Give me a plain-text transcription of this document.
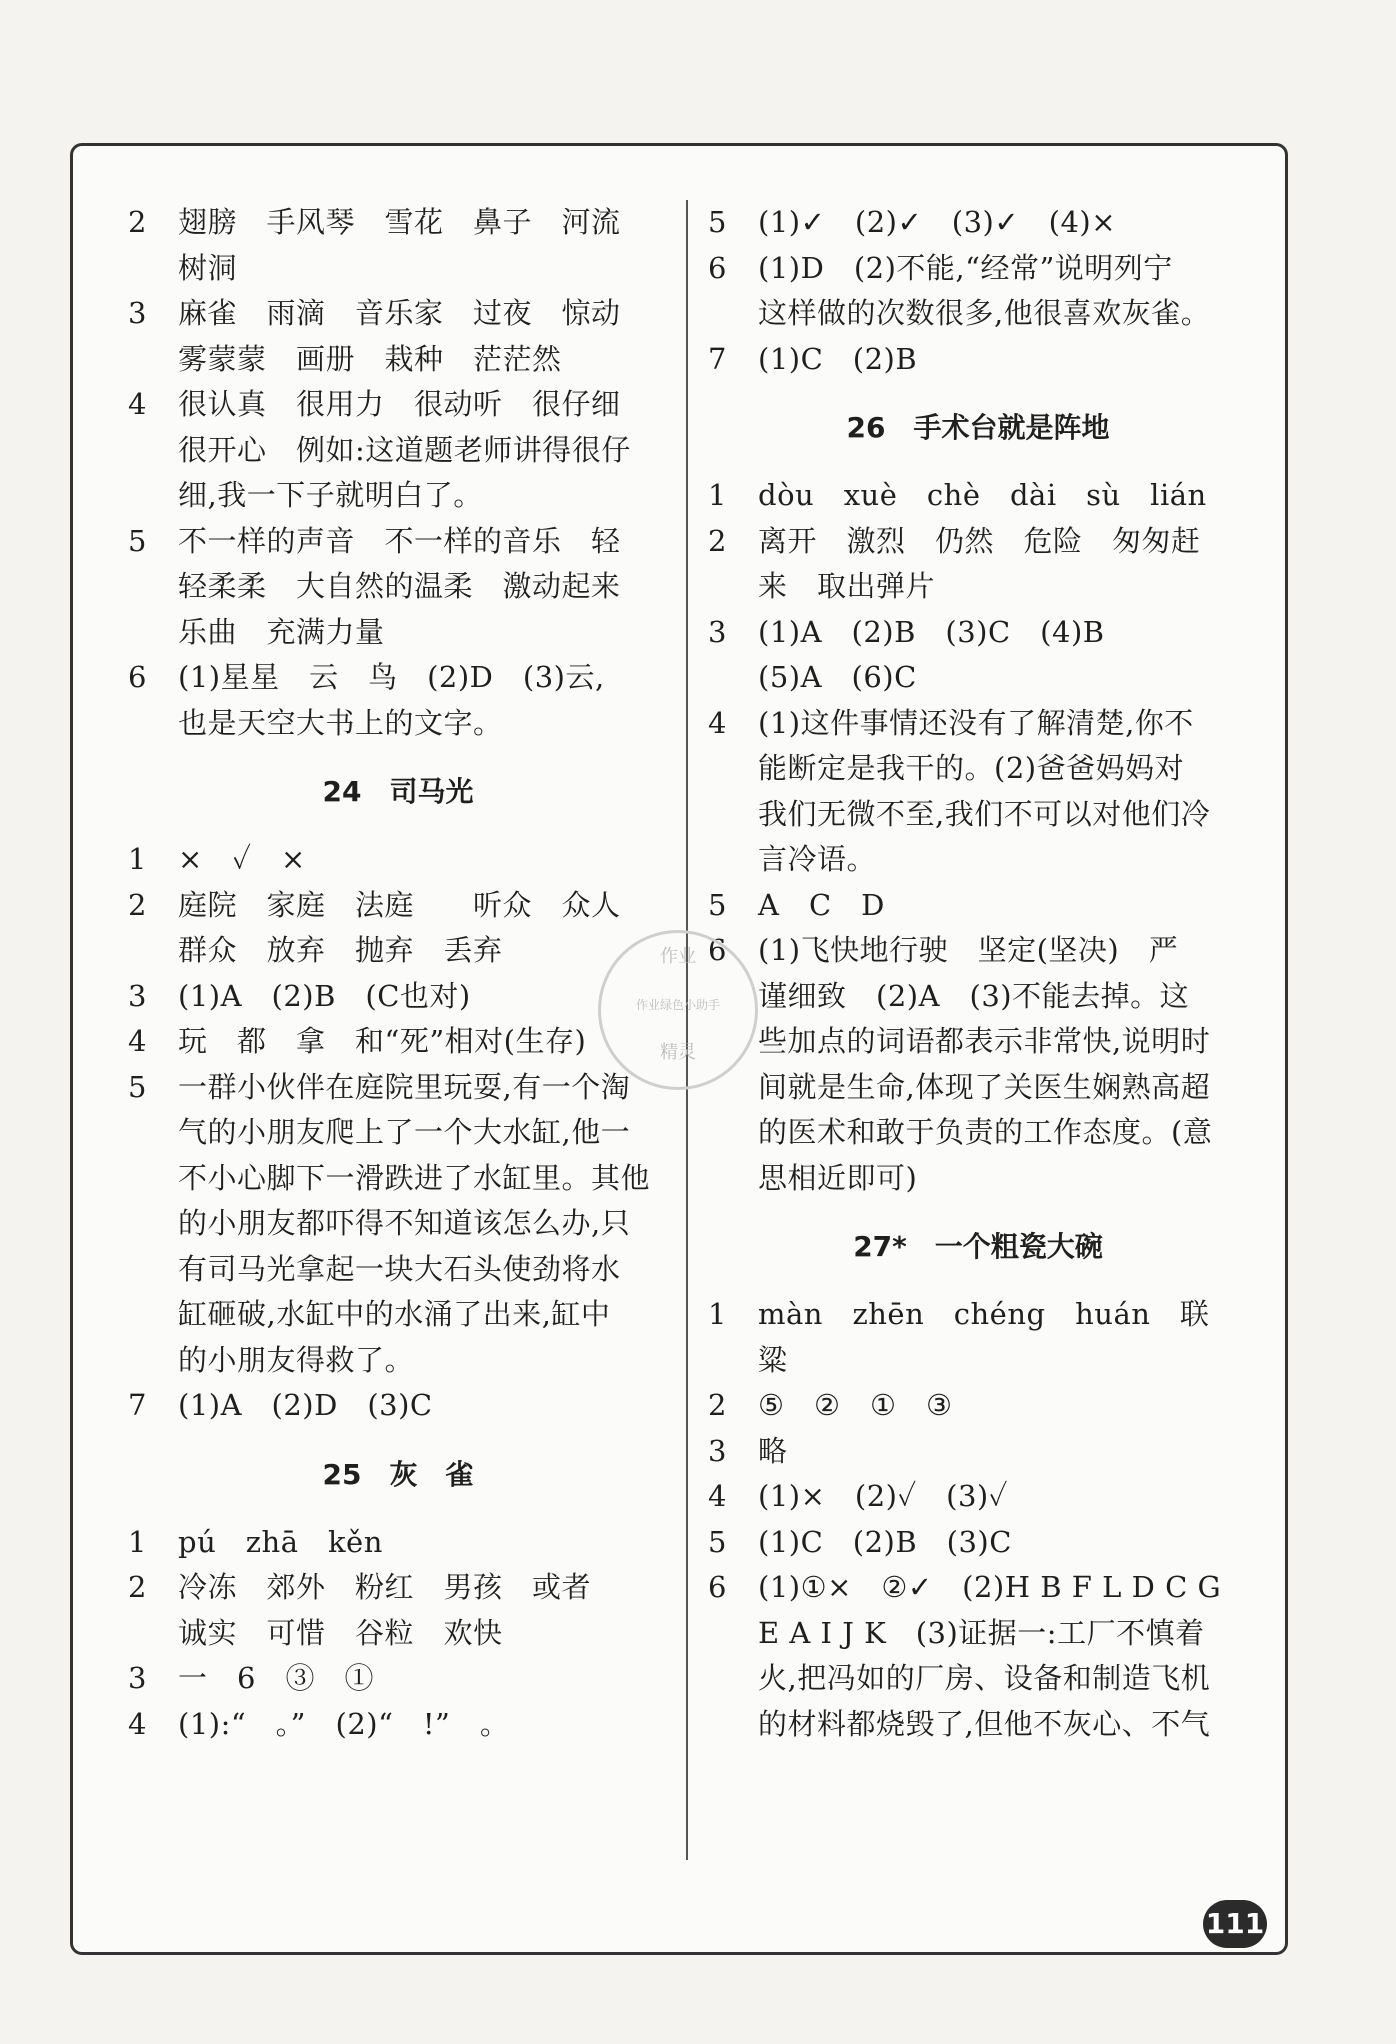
2	翅膀　手风琴　雪花　鼻子　河流
树洞
3	麻雀　雨滴　音乐家　过夜　惊动
雾蒙蒙　画册　栽种　茫茫然
4	很认真　很用力　很动听　很仔细
很开心　例如:这道题老师讲得很仔
细,我一下子就明白了。
5	不一样的声音　不一样的音乐　轻
轻柔柔　大自然的温柔　激动起来
乐曲　充满力量
6	(1)星星　云　鸟　(2)D　(3)云,
也是天空大书上的文字。
24　司马光
1	×　✓　×
2	庭院　家庭　法庭　　听众　众人
群众　放弃　抛弃　丢弃
3	(1)A　(2)B　(C也对)
4	玩　都　拿　和“死”相对(生存)
5	一群小伙伴在庭院里玩耍,有一个淘
气的小朋友爬上了一个大水缸,他一
不小心脚下一滑跌进了水缸里。其他
的小朋友都吓得不知道该怎么办,只
有司马光拿起一块大石头使劲将水
缸砸破,水缸中的水涌了出来,缸中
的小朋友得救了。
7	(1)A　(2)D　(3)C
25　灰　雀
1	pú　zhā　kěn
2	冷冻　郊外　粉红　男孩　或者
诚实　可惜　谷粒　欢快
3	一　6　③　①
4	(1):“　。”　(2)“　!”　。
5	(1)✓　(2)✓　(3)✓　(4)×
6	(1)D　(2)不能,“经常”说明列宁
这样做的次数很多,他很喜欢灰雀。
7	(1)C　(2)B
26　手术台就是阵地
1	dòu　xuè　chè　dài　sù　lián
2	离开　激烈　仍然　危险　匆匆赶
来　取出弹片
3	(1)A　(2)B　(3)C　(4)B
(5)A　(6)C
4	(1)这件事情还没有了解清楚,你不
能断定是我干的。(2)爸爸妈妈对
我们无微不至,我们不可以对他们冷
言冷语。
5	A　C　D
6	(1)飞快地行驶　坚定(坚决)　严
谨细致　(2)A　(3)不能去掉。这
些加点的词语都表示非常快,说明时
间就是生命,体现了关医生娴熟高超
的医术和敢于负责的工作态度。(意
思相近即可)
27*　一个粗瓷大碗
1	màn　zhēn　chéng　huán　联
粱
2	⑤　②　①　③
3	略
4	(1)×　(2)✓　(3)✓
5	(1)C　(2)B　(3)C
6	(1)①×　②✓　(2)H B F L D C G
E A I J K　(3)证据一:工厂不慎着
火,把冯如的厂房、设备和制造飞机
的材料都烧毁了,但他不灰心、不气
作业
作业绿色小助手
精灵
111
